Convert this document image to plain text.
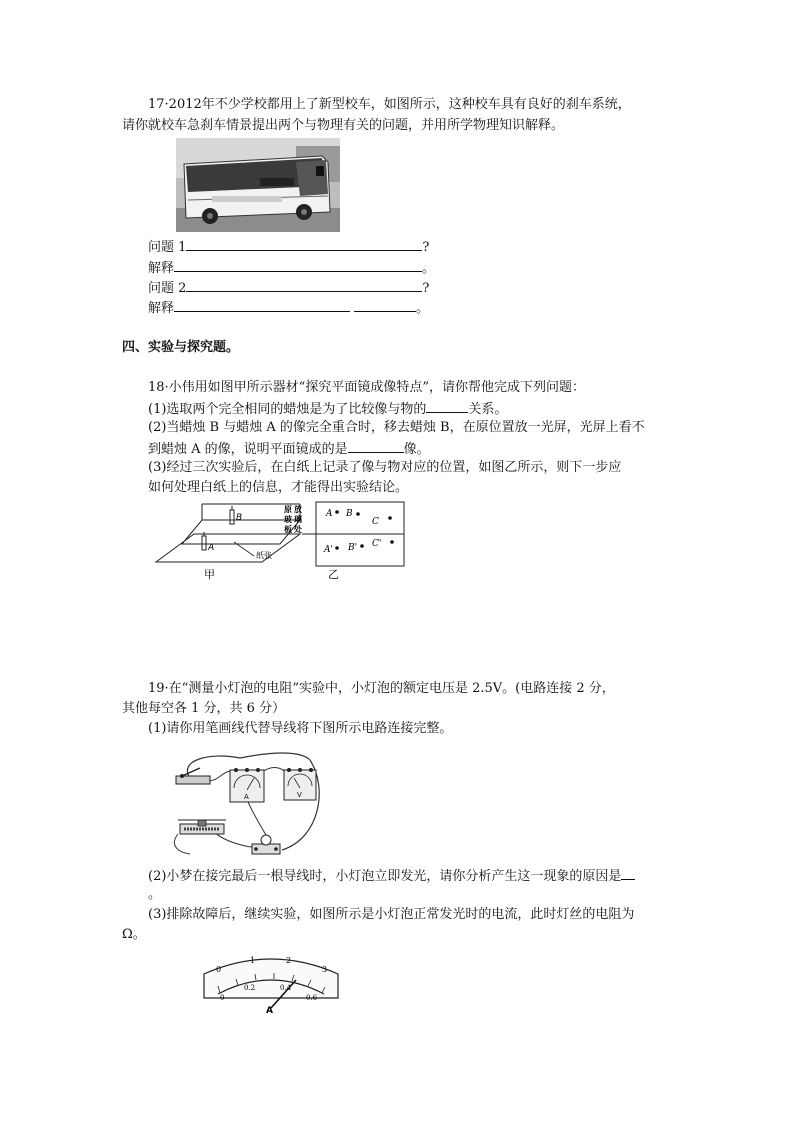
17·2012年不少学校都用上了新型校车，如图所示，这种校车具有良好的刹车系统，
请你就校车急刹车情景提出两个与物理有关的问题，并用所学物理知识解释。
问题 1	?
解释	。
问题 2	?
解释	。
四、实验与探究题。
18·小伟用如图甲所示器材“探究平面镜成像特点”，请你帮他完成下列问题：
(1)选取两个完全相同的蜡烛是为了比较像与物的	关系。
(2)当蜡烛 B 与蜡烛 A 的像完全重合时，移去蜡烛 B，在原位置放一光屏，光屏上看不
到蜡烛 A 的像，说明平面镜成的是	像。
(3)经过三次实验后，在白纸上记录了像与物对应的位置，如图乙所示，则下一步应
如何处理白纸上的信息，才能得出实验结论。
B
A
纸张
甲
原 放
玻 璃
板 处
A
C
A' B' C'
B
乙
19·在“测量小灯泡的电阻”实验中，小灯泡的额定电压是 2.5V。(电路连接 2 分，
其他每空各 1 分，共 6 分）
(1)请你用笔画线代替导线将下图所示电路连接完整。
A	V
(2)小梦在接完最后一根导线时，小灯泡立即发光，请你分析产生这一现象的原因是
。
(3)排除故障后，继续实验，如图所示是小灯泡正常发光时的电流，此时灯丝的电阻为
Ω。
0
1	2
3
0
0.2	0.4
0.6
A
